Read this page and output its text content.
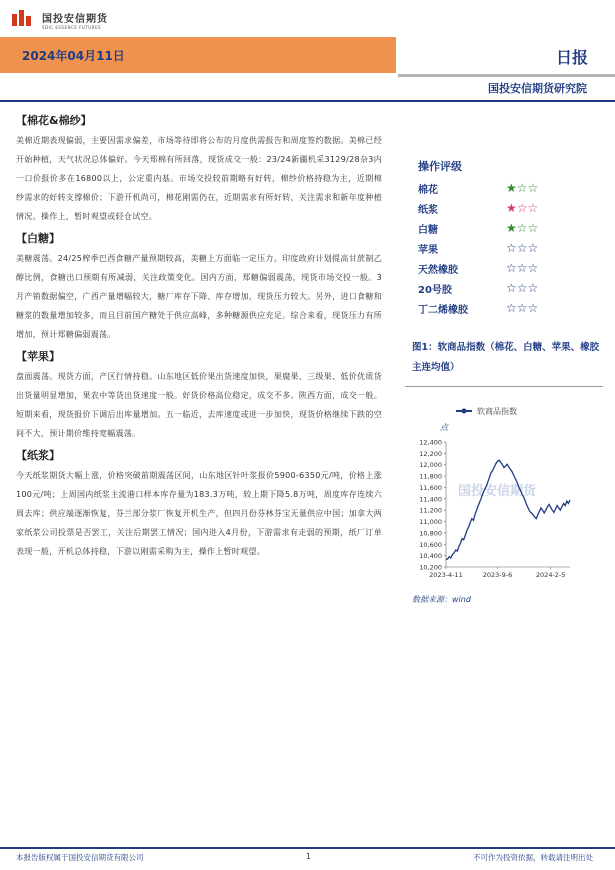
国投安信期货
SDIC ESSENCE FUTURES
2024年04月11日	日报
国投安信期货研究院
【棉花&棉纱】
美棉近期表现偏弱，主要因需求偏差，市场等待即将公布的月度供需报告和周度签约数据。美棉已经开始种植，天气状况总体偏好。今天郑棉有所回落，现货成交一般：23/24新疆机采3129/28杂3内一口价报价多在16800以上，公定重内基。市场交投较前期略有好转，棉纱价格持稳为主，近期棉纱需求的好转支撑棉价；下游开机尚可，棉花刚需仍在，近期需求有所好转，关注需求和新年度种植情况。操作上，暂时观望或轻仓试空。
【白糖】
美糖震荡。24/25榨季巴西食糖产量预期较高，美糖上方面临一定压力。印度政府计划提高甘蔗制乙醇比例，食糖出口预期有所减弱，关注政策变化。国内方面，郑糖偏弱震荡，现货市场交投一般。3月产销数据偏空，广西产量增幅较大，糖厂库存下降、库存增加，现货压力较大。另外，进口食糖和糖浆的数量增加较多，而且目前国产糖处于供应高峰，多种糖源供应充足。综合来看，现货压力有所增加，预计郑糖偏弱震荡。
【苹果】
盘面震荡。现货方面，产区行情持稳。山东地区低价果出货速度加快，果腐果、三级果、低价优质货出货量明显增加，果农中等货出货速度一般。好货价格高位稳定，成交不多。陕西方面，成交一般。短期来看，现货报价下调后出库量增加。五一临近，去库速度或进一步加快，现货价格继续下跌的空间不大，预计期价维持宽幅震荡。
【纸浆】
今天纸浆期货大幅上涨，价格突破前期震荡区间，山东地区针叶浆报价5900-6350元/吨，价格上涨100元/吨；上周国内纸浆主流港口样本库存量为183.3万吨，较上期下降5.8万吨，周度库存连续六周去库；供应端逐渐恢复，芬兰部分浆厂恢复开机生产，但四月份芬林芬宝无量供应中国；加拿大两家纸浆公司投票是否罢工，关注后期罢工情况；国内进入4月份，下游需求有走弱的预期，纸厂订单表现一般，开机总体持稳，下游以刚需采购为主，操作上暂时观望。
操作评级
棉花	★☆☆
纸浆	★☆☆
白糖	★☆☆
苹果	☆☆☆
天然橡胶	☆☆☆
20号胶	☆☆☆
丁二烯橡胶	☆☆☆
图1：软商品指数（棉花、白糖、苹果、橡胶主连均值）
软商品指数
点
10,200
10,400
10,600
10,800
11,000
11,200
11,400
11,600
11,800
12,000
12,200
12,400
2023-4-11	2023-9-6	2024-2-5
国投安信期货
数据来源：wind
本报告版权属于国投安信期货有限公司	1	不可作为投资依据，转载请注明出处
